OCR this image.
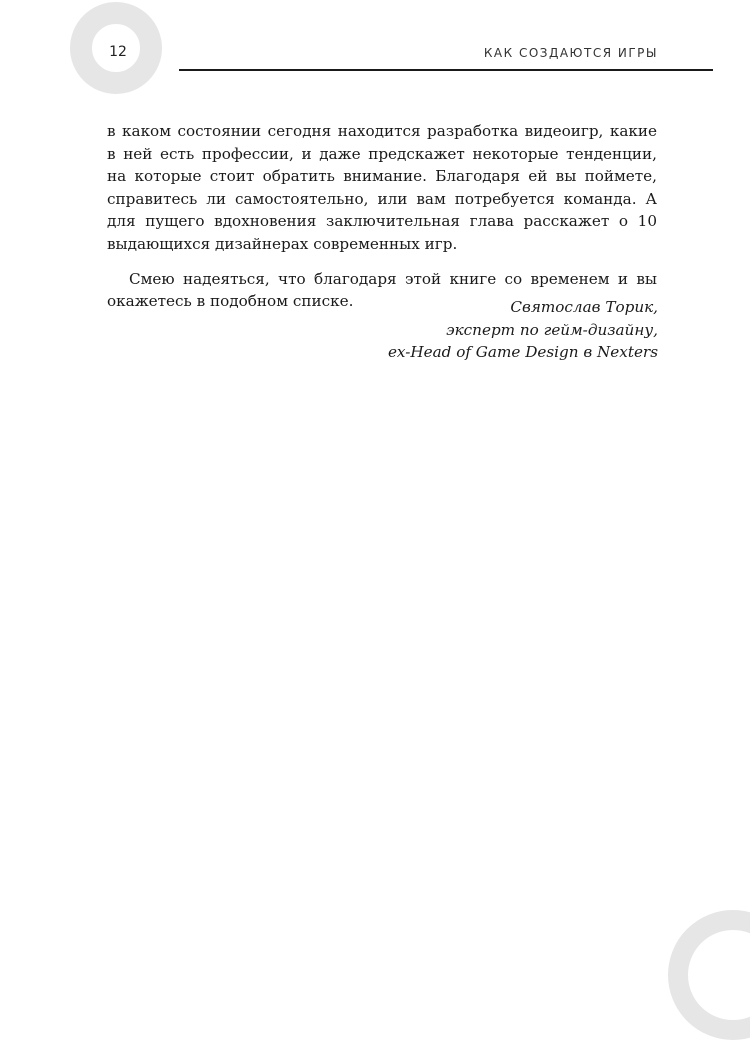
12	КАК СОЗДАЮТСЯ ИГРЫ

в каком состоянии сегодня находится разработка видеоигр, какие в ней есть профессии, и даже предскажет некоторые тенденции, на которые стоит обратить внимание. Благодаря ей вы поймете, справитесь ли самостоятельно, или вам потребуется команда. А для пущего вдохновения заключительная глава расскажет о 10 выдающихся дизайнерах современных игр.

Смею надеяться, что благодаря этой книге со временем и вы окажетесь в подобном списке.	Святослав Торик,
эксперт по гейм-дизайну,
ex-Head of Game Design в Nexters
